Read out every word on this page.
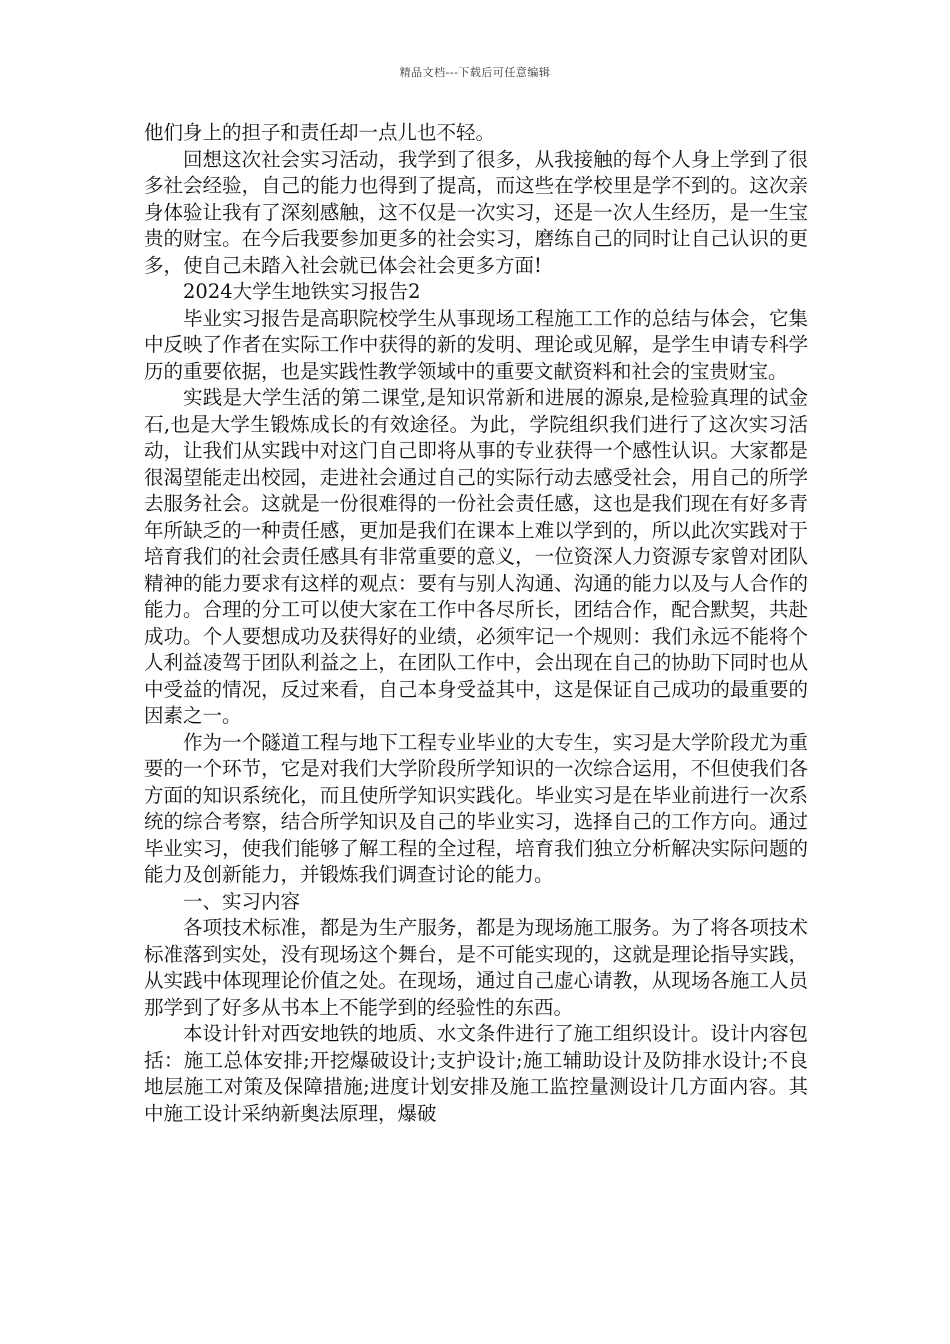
精品文档---下载后可任意编辑

他们身上的担子和责任却一点儿也不轻。

回想这次社会实习活动，我学到了很多，从我接触的每个人身上学到了很多社会经验，自己的能力也得到了提高，而这些在学校里是学不到的。这次亲身体验让我有了深刻感触，这不仅是一次实习，还是一次人生经历，是一生宝贵的财宝。在今后我要参加更多的社会实习，磨练自己的同时让自己认识的更多，使自己未踏入社会就已体会社会更多方面!

2024大学生地铁实习报告2

毕业实习报告是高职院校学生从事现场工程施工工作的总结与体会，它集中反映了作者在实际工作中获得的新的发明、理论或见解，是学生申请专科学历的重要依据，也是实践性教学领域中的重要文献资料和社会的宝贵财宝。

实践是大学生活的第二课堂,是知识常新和进展的源泉,是检验真理的试金石,也是大学生锻炼成长的有效途径。为此，学院组织我们进行了这次实习活动，让我们从实践中对这门自己即将从事的专业获得一个感性认识。大家都是很渴望能走出校园，走进社会通过自己的实际行动去感受社会，用自己的所学去服务社会。这就是一份很难得的一份社会责任感，这也是我们现在有好多青年所缺乏的一种责任感，更加是我们在课本上难以学到的，所以此次实践对于培育我们的社会责任感具有非常重要的意义，一位资深人力资源专家曾对团队精神的能力要求有这样的观点：要有与别人沟通、沟通的能力以及与人合作的能力。合理的分工可以使大家在工作中各尽所长，团结合作，配合默契，共赴成功。个人要想成功及获得好的业绩，必须牢记一个规则：我们永远不能将个人利益凌驾于团队利益之上，在团队工作中，会出现在自己的协助下同时也从中受益的情况，反过来看，自己本身受益其中，这是保证自己成功的最重要的因素之一。

作为一个隧道工程与地下工程专业毕业的大专生，实习是大学阶段尤为重要的一个环节，它是对我们大学阶段所学知识的一次综合运用，不但使我们各方面的知识系统化，而且使所学知识实践化。毕业实习是在毕业前进行一次系统的综合考察，结合所学知识及自己的毕业实习，选择自己的工作方向。通过毕业实习，使我们能够了解工程的全过程，培育我们独立分析解决实际问题的能力及创新能力，并锻炼我们调查讨论的能力。

一、实习内容

各项技术标准，都是为生产服务，都是为现场施工服务。为了将各项技术标准落到实处，没有现场这个舞台，是不可能实现的，这就是理论指导实践，从实践中体现理论价值之处。在现场，通过自己虚心请教，从现场各施工人员那学到了好多从书本上不能学到的经验性的东西。

本设计针对西安地铁的地质、水文条件进行了施工组织设计。设计内容包括：施工总体安排;开挖爆破设计;支护设计;施工辅助设计及防排水设计;不良地层施工对策及保障措施;进度计划安排及施工监控量测设计几方面内容。其中施工设计采纳新奥法原理，爆破
